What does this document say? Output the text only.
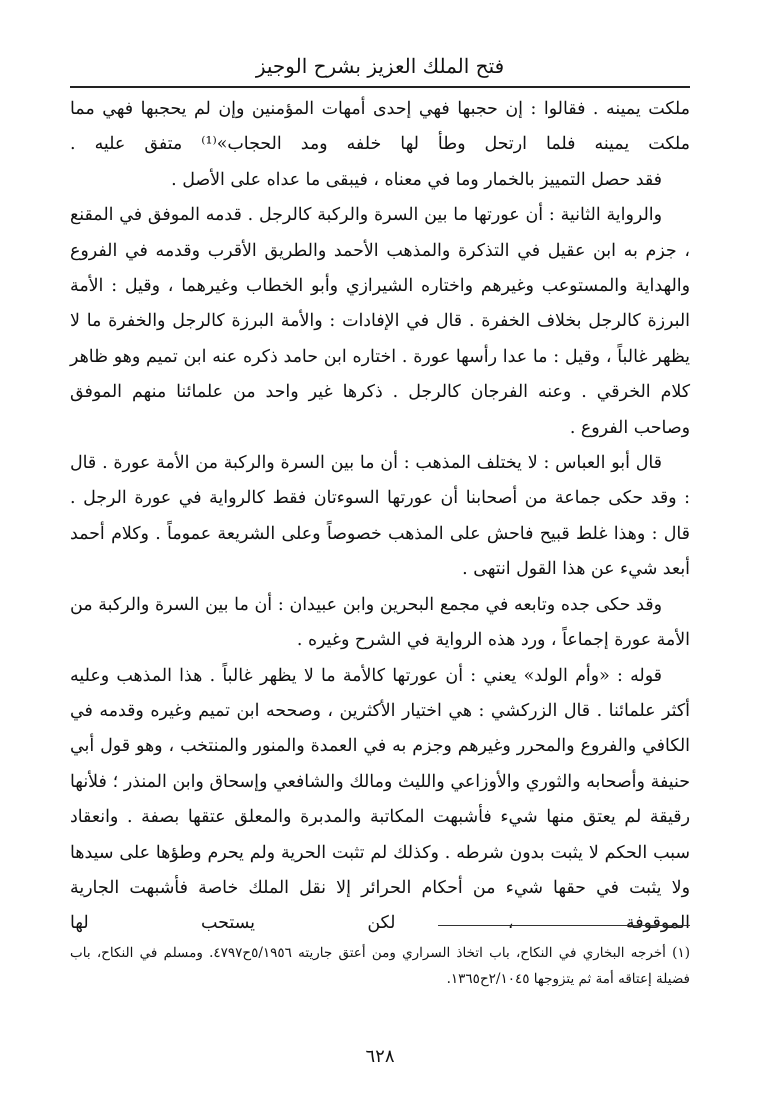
فتح الملك العزيز بشرح الوجيز

ملكت يمينه . فقالوا : إن حجبها فهي إحدى أمهات المؤمنين وإن لم يحجبها فهي مما ملكت يمينه فلما ارتحل وطأ لها خلفه ومد الحجاب»⁽¹⁾ متفق عليه .

فقد حصل التمييز بالخمار وما في معناه ، فيبقى ما عداه على الأصل .

والرواية الثانية : أن عورتها ما بين السرة والركبة كالرجل . قدمه الموفق في المقنع ، جزم به ابن عقيل في التذكرة والمذهب الأحمد والطريق الأقرب وقدمه في الفروع والهداية والمستوعب وغيرهم واختاره الشيرازي وأبو الخطاب وغيرهما ، وقيل : الأمة البرزة كالرجل بخلاف الخفرة . قال في الإفادات : والأمة البرزة كالرجل والخفرة ما لا يظهر غالباً ، وقيل : ما عدا رأسها عورة . اختاره ابن حامد ذكره عنه ابن تميم وهو ظاهر كلام الخرقي . وعنه الفرجان كالرجل . ذكرها غير واحد من علمائنا منهم الموفق وصاحب الفروع .

قال أبو العباس : لا يختلف المذهب : أن ما بين السرة والركبة من الأمة عورة . قال : وقد حكى جماعة من أصحابنا أن عورتها السوءتان فقط كالرواية في عورة الرجل . قال : وهذا غلط قبيح فاحش على المذهب خصوصاً وعلى الشريعة عموماً . وكلام أحمد أبعد شيء عن هذا القول انتهى .

وقد حكى جده وتابعه في مجمع البحرين وابن عبيدان : أن ما بين السرة والركبة من الأمة عورة إجماعاً ، ورد هذه الرواية في الشرح وغيره .

قوله : «وأم الولد» يعني : أن عورتها كالأمة ما لا يظهر غالباً . هذا المذهب وعليه أكثر علمائنا . قال الزركشي : هي اختيار الأكثرين ، وصححه ابن تميم وغيره وقدمه في الكافي والفروع والمحرر وغيرهم وجزم به في العمدة والمنور والمنتخب ، وهو قول أبي حنيفة وأصحابه والثوري والأوزاعي والليث ومالك والشافعي وإسحاق وابن المنذر ؛ فلأنها رقيقة لم يعتق منها شيء فأشبهت المكاتبة والمدبرة والمعلق عتقها بصفة . وانعقاد سبب الحكم لا يثبت بدون شرطه . وكذلك لم تثبت الحرية ولم يحرم وطؤها على سيدها ولا يثبت في حقها شيء من أحكام الحرائر إلا نقل الملك خاصة فأشبهت الجارية الموقوفة ، لكن يستحب لها

(١) أخرجه البخاري في النكاح، باب اتخاذ السراري ومن أعتق جاريته ٥/١٩٥٦ح٤٧٩٧. ومسلم في النكاح، باب فضيلة إعتاقه أمة ثم يتزوجها ٢/١٠٤٥ح١٣٦٥.

٦٢٨
